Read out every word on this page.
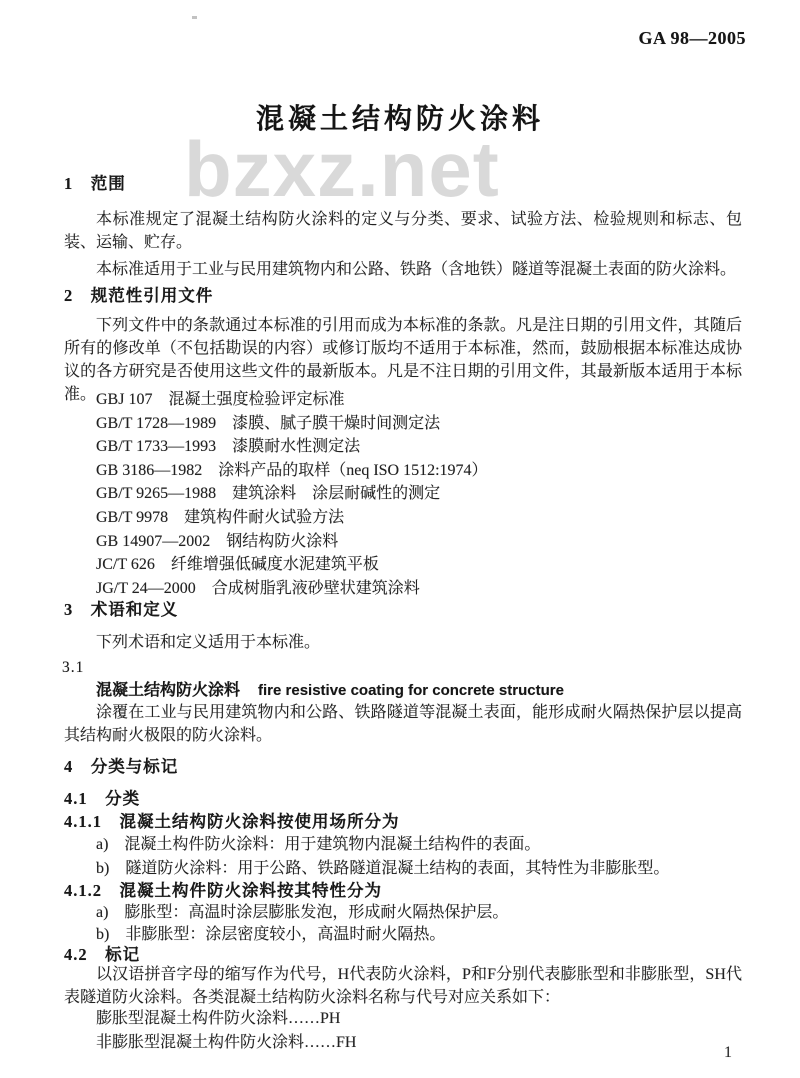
bzxz.net
GA 98—2005
混凝土结构防火涂料
1　范围
本标准规定了混凝土结构防火涂料的定义与分类、要求、试验方法、检验规则和标志、包装、运输、贮存。
本标准适用于工业与民用建筑物内和公路、铁路（含地铁）隧道等混凝土表面的防火涂料。
2　规范性引用文件
下列文件中的条款通过本标准的引用而成为本标准的条款。凡是注日期的引用文件，其随后所有的修改单（不包括勘误的内容）或修订版均不适用于本标准，然而，鼓励根据本标准达成协议的各方研究是否使用这些文件的最新版本。凡是不注日期的引用文件，其最新版本适用于本标准。 GBJ 107　混凝土强度检验评定标准
GB/T 1728—1989　漆膜、腻子膜干燥时间测定法
GB/T 1733—1993　漆膜耐水性测定法
GB 3186—1982　涂料产品的取样（neq ISO 1512:1974）
GB/T 9265—1988　建筑涂料　涂层耐碱性的测定
GB/T 9978　建筑构件耐火试验方法
GB 14907—2002　钢结构防火涂料
JC/T 626　纤维增强低碱度水泥建筑平板
JG/T 24—2000　合成树脂乳液砂壁状建筑涂料
3　术语和定义
下列术语和定义适用于本标准。
3.1
混凝土结构防火涂料 fire resistive coating for concrete structure
涂覆在工业与民用建筑物内和公路、铁路隧道等混凝土表面，能形成耐火隔热保护层以提高其结构耐火极限的防火涂料。
4　分类与标记
4.1　分类
4.1.1　混凝土结构防火涂料按使用场所分为
a)　混凝土构件防火涂料：用于建筑物内混凝土结构件的表面。
b)　隧道防火涂料：用于公路、铁路隧道混凝土结构的表面，其特性为非膨胀型。
4.1.2　混凝土构件防火涂料按其特性分为
a)　膨胀型：高温时涂层膨胀发泡，形成耐火隔热保护层。
b)　非膨胀型：涂层密度较小，高温时耐火隔热。
4.2　标记
以汉语拼音字母的缩写作为代号，H代表防火涂料，P和F分别代表膨胀型和非膨胀型，SH代表隧道防火涂料。各类混凝土结构防火涂料名称与代号对应关系如下：
膨胀型混凝土构件防火涂料……PH
非膨胀型混凝土构件防火涂料……FH
1
